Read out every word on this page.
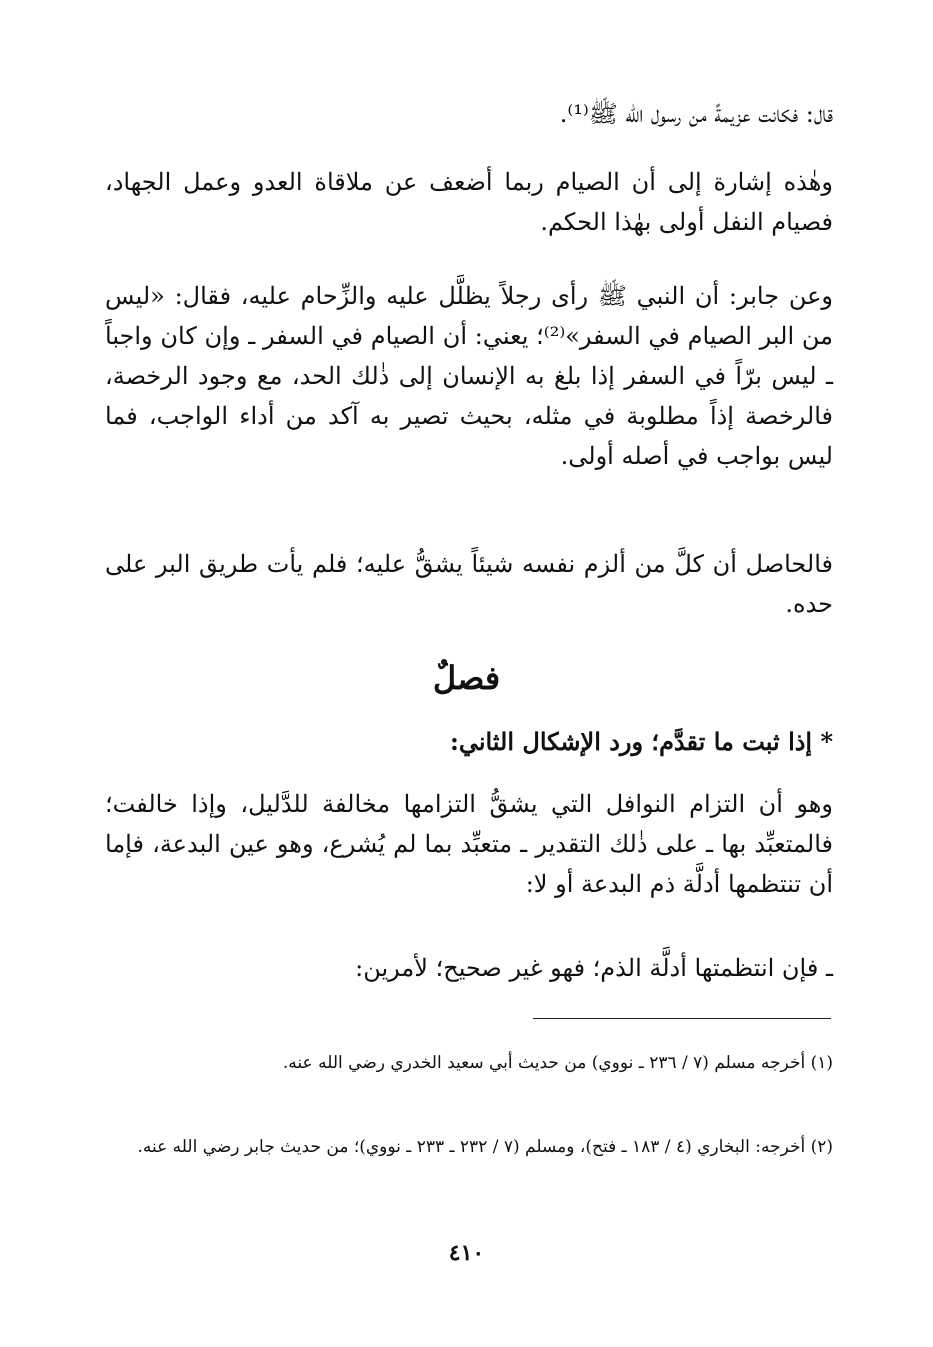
قال: فكانت عزيمةً من رسول الله ﷺ⁽¹⁾.

وهٰذه إشارة إلى أن الصيام ربما أضعف عن ملاقاة العدو وعمل الجهاد، فصيام النفل أولى بهٰذا الحكم.

وعن جابر: أن النبي ﷺ رأى رجلاً يظلَّل عليه والزِّحام عليه، فقال: «ليس من البر الصيام في السفر»⁽²⁾؛ يعني: أن الصيام في السفر ـ وإن كان واجباً ـ ليس برّاً في السفر إذا بلغ به الإنسان إلى ذٰلك الحد، مع وجود الرخصة، فالرخصة إذاً مطلوبة في مثله، بحيث تصير به آكد من أداء الواجب، فما ليس بواجب في أصله أولى.

فالحاصل أن كلَّ من ألزم نفسه شيئاً يشقُّ عليه؛ فلم يأت طريق البر على حده.

فصلٌ

* إذا ثبت ما تقدَّم؛ ورد الإشكال الثاني:

وهو أن التزام النوافل التي يشقُّ التزامها مخالفة للدَّليل، وإذا خالفت؛ فالمتعبِّد بها ـ على ذٰلك التقدير ـ متعبِّد بما لم يُشرع، وهو عين البدعة، فإما أن تنتظمها أدلَّة ذم البدعة أو لا:

ـ فإن انتظمتها أدلَّة الذم؛ فهو غير صحيح؛ لأمرين:

(١) أخرجه مسلم (٧ / ٢٣٦ ـ نووي) من حديث أبي سعيد الخدري رضي الله عنه.

(٢) أخرجه: البخاري (٤ / ١٨٣ ـ فتح)، ومسلم (٧ / ٢٣٢ ـ ٢٣٣ ـ نووي)؛ من حديث جابر رضي الله عنه.

٤١٠
